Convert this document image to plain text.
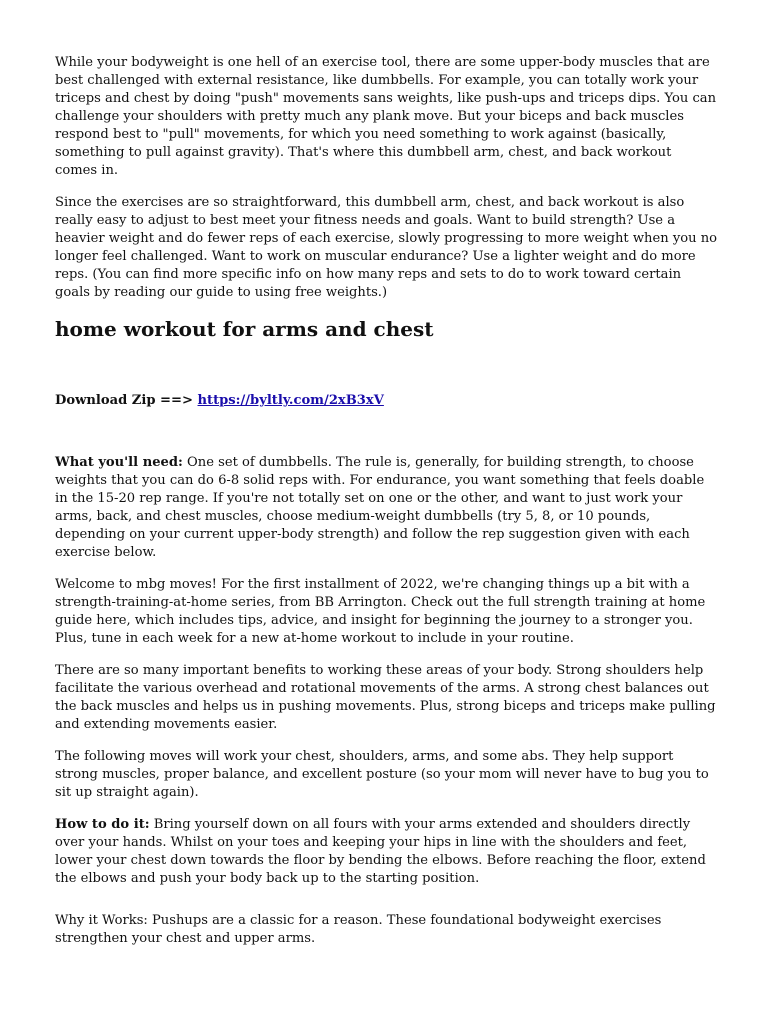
While your bodyweight is one hell of an exercise tool, there are some upper-body muscles that are best challenged with external resistance, like dumbbells. For example, you can totally work your triceps and chest by doing "push" movements sans weights, like push-ups and triceps dips. You can challenge your shoulders with pretty much any plank move. But your biceps and back muscles respond best to "pull" movements, for which you need something to work against (basically, something to pull against gravity). That's where this dumbbell arm, chest, and back workout comes in.

Since the exercises are so straightforward, this dumbbell arm, chest, and back workout is also really easy to adjust to best meet your fitness needs and goals. Want to build strength? Use a heavier weight and do fewer reps of each exercise, slowly progressing to more weight when you no longer feel challenged. Want to work on muscular endurance? Use a lighter weight and do more reps. (You can find more specific info on how many reps and sets to do to work toward certain goals by reading our guide to using free weights.)

home workout for arms and chest

Download Zip ==> https://byltly.com/2xB3xV

What you'll need: One set of dumbbells. The rule is, generally, for building strength, to choose weights that you can do 6-8 solid reps with. For endurance, you want something that feels doable in the 15-20 rep range. If you're not totally set on one or the other, and want to just work your arms, back, and chest muscles, choose medium-weight dumbbells (try 5, 8, or 10 pounds, depending on your current upper-body strength) and follow the rep suggestion given with each exercise below.

Welcome to mbg moves! For the first installment of 2022, we're changing things up a bit with a strength-training-at-home series, from BB Arrington. Check out the full strength training at home guide here, which includes tips, advice, and insight for beginning the journey to a stronger you. Plus, tune in each week for a new at-home workout to include in your routine.

There are so many important benefits to working these areas of your body. Strong shoulders help facilitate the various overhead and rotational movements of the arms. A strong chest balances out the back muscles and helps us in pushing movements. Plus, strong biceps and triceps make pulling and extending movements easier.

The following moves will work your chest, shoulders, arms, and some abs. They help support strong muscles, proper balance, and excellent posture (so your mom will never have to bug you to sit up straight again).

How to do it: Bring yourself down on all fours with your arms extended and shoulders directly over your hands. Whilst on your toes and keeping your hips in line with the shoulders and feet, lower your chest down towards the floor by bending the elbows. Before reaching the floor, extend the elbows and push your body back up to the starting position.

Why it Works: Pushups are a classic for a reason. These foundational bodyweight exercises strengthen your chest and upper arms.
